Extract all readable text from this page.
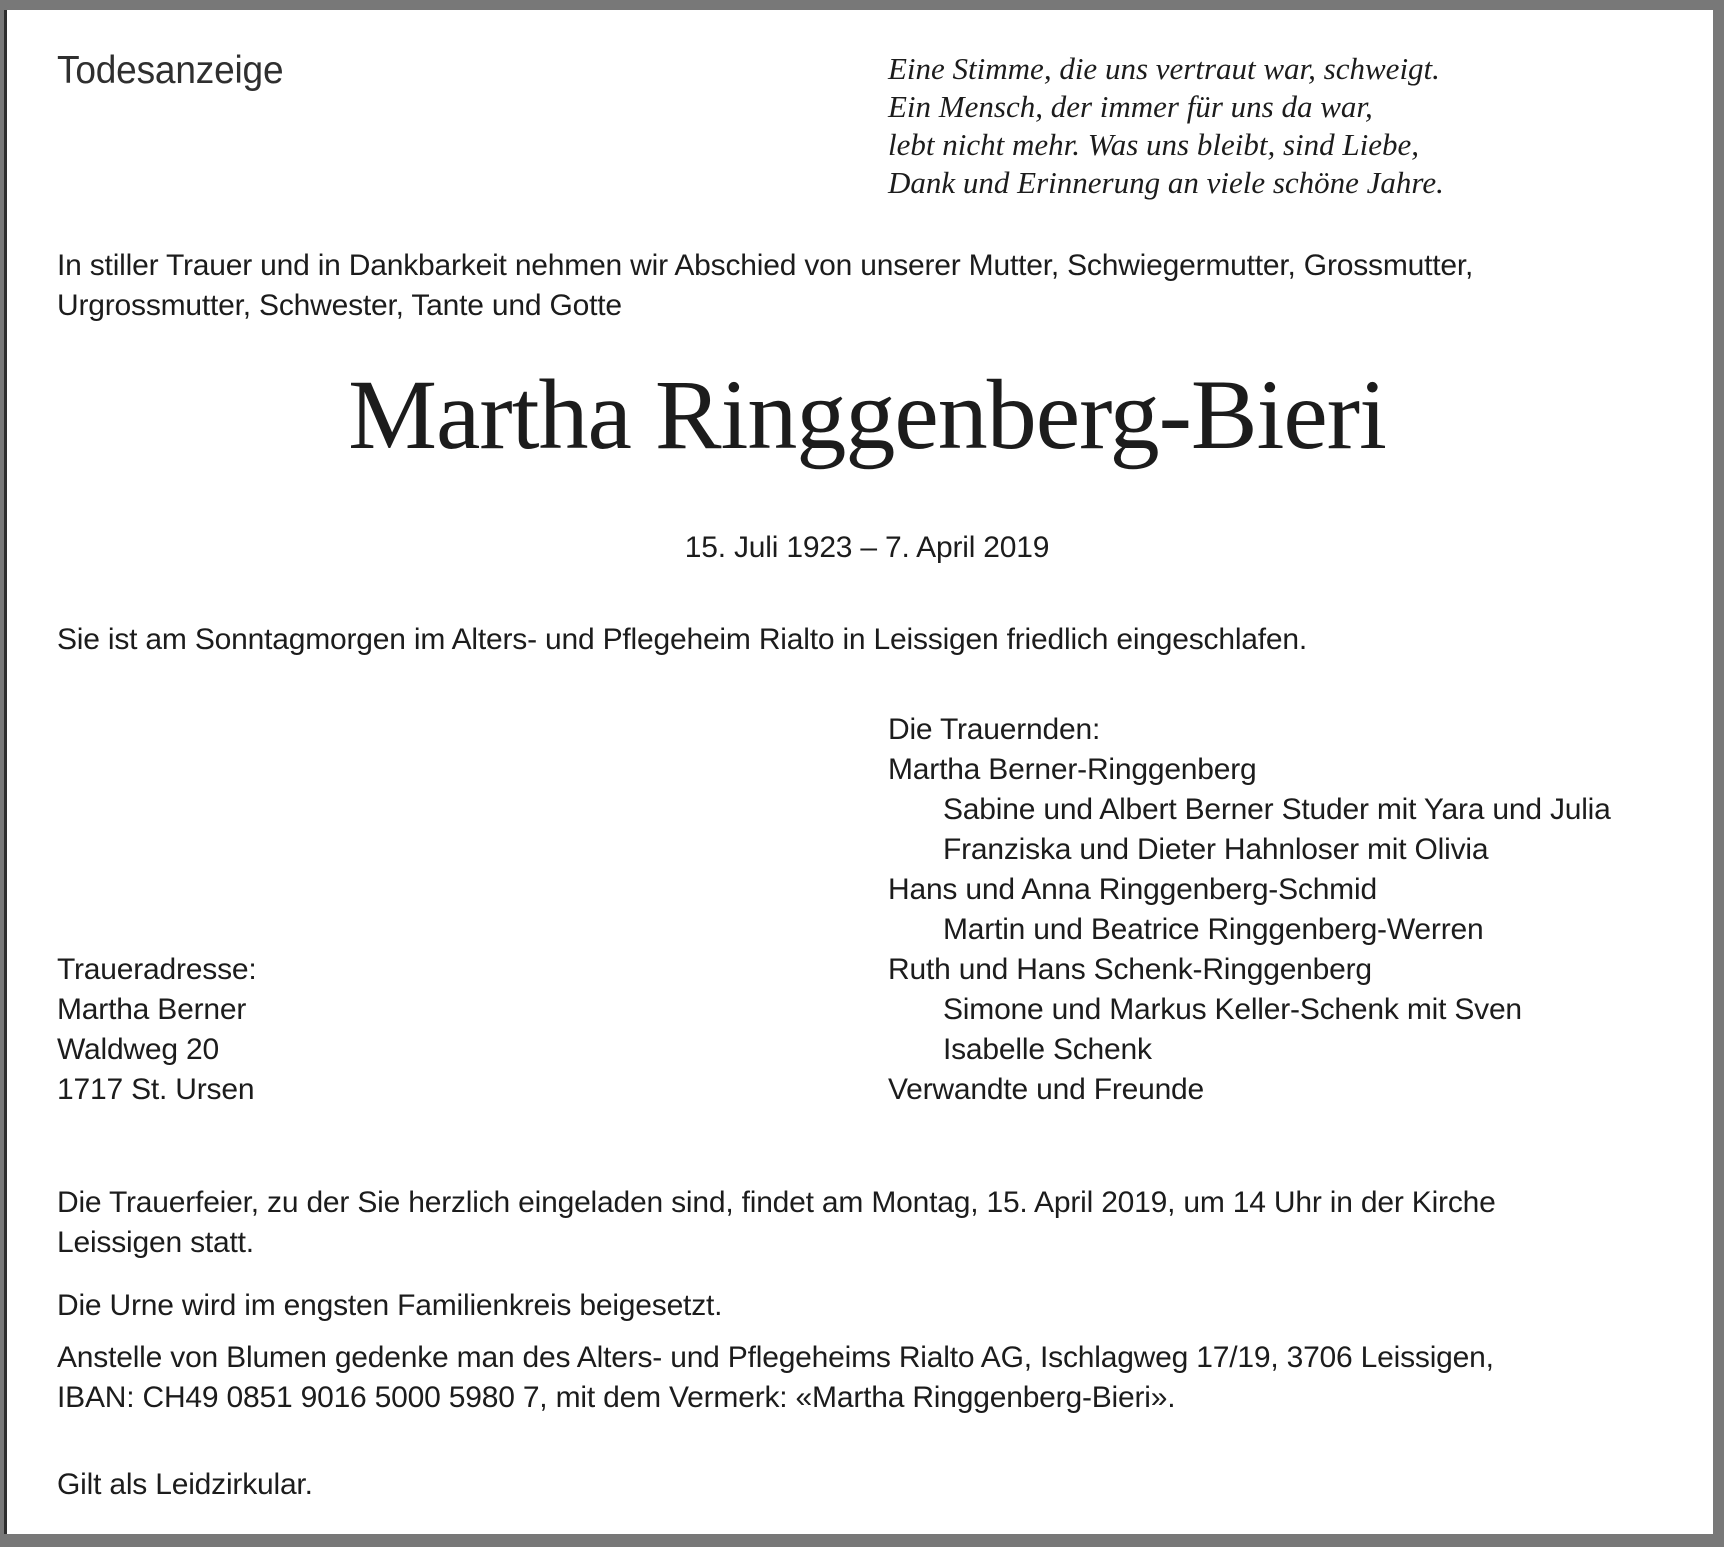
Todesanzeige	Eine Stimme, die uns vertraut war, schweigt.
Ein Mensch, der immer für uns da war,
lebt nicht mehr. Was uns bleibt, sind Liebe,
Dank und Erinnerung an viele schöne Jahre.
In stiller Trauer und in Dankbarkeit nehmen wir Abschied von unserer Mutter, Schwiegermutter, Grossmutter,
Urgrossmutter, Schwester, Tante und Gotte
Martha Ringgenberg-Bieri
15. Juli 1923 – 7. April 2019
Sie ist am Sonntagmorgen im Alters- und Pflegeheim Rialto in Leissigen friedlich eingeschlafen.
Die Trauernden:
Martha Berner-Ringgenberg
Sabine und Albert Berner Studer mit Yara und Julia
Franziska und Dieter Hahnloser mit Olivia
Hans und Anna Ringgenberg-Schmid
Martin und Beatrice Ringgenberg-Werren
Ruth und Hans Schenk-Ringgenberg
Simone und Markus Keller-Schenk mit Sven
Isabelle Schenk
Verwandte und Freunde
Traueradresse:
Martha Berner
Waldweg 20
1717 St. Ursen
Die Trauerfeier, zu der Sie herzlich eingeladen sind, findet am Montag, 15. April 2019, um 14 Uhr in der Kirche
Leissigen statt.
Die Urne wird im engsten Familienkreis beigesetzt.
Anstelle von Blumen gedenke man des Alters- und Pflegeheims Rialto AG, Ischlagweg 17/19, 3706 Leissigen,
IBAN: CH49 0851 9016 5000 5980 7, mit dem Vermerk: «Martha Ringgenberg-Bieri».
Gilt als Leidzirkular.
